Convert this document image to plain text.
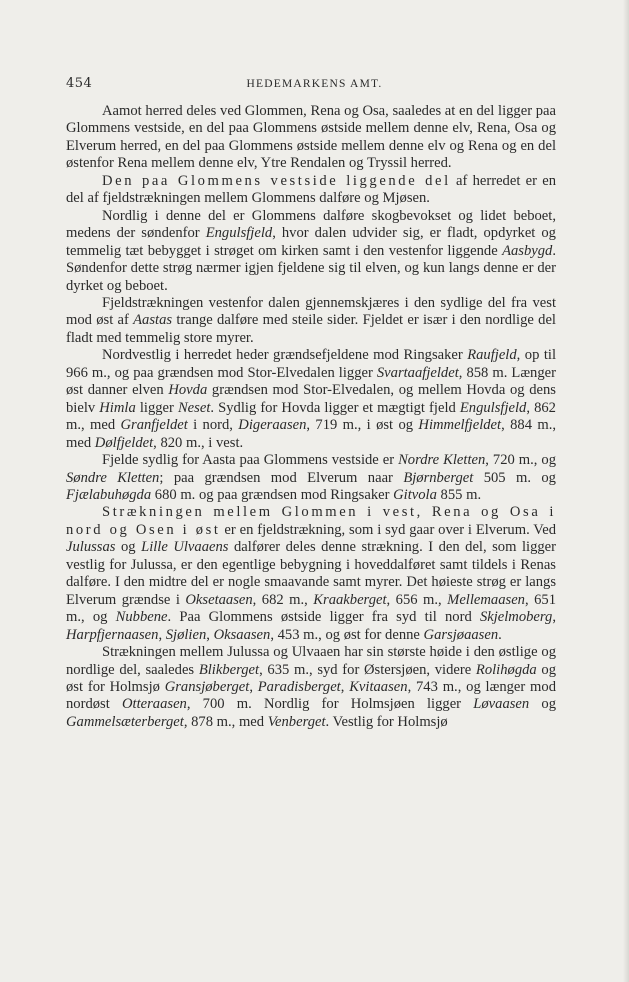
454	HEDEMARKENS AMT.

Aamot herred deles ved Glommen, Rena og Osa, saaledes at en del ligger paa Glommens vestside, en del paa Glommens østside mellem denne elv, Rena, Osa og Elverum herred, en del paa Glommens østside mellem denne elv og Rena og en del østenfor Rena mellem denne elv, Ytre Rendalen og Tryssil herred.

Den paa Glommens vestside liggende del af herredet er en del af fjeldstrækningen mellem Glommens dalføre og Mjøsen.

Nordlig i denne del er Glommens dalføre skogbevokset og lidet beboet, medens der søndenfor Engulsfjeld, hvor dalen udvider sig, er fladt, opdyrket og temmelig tæt bebygget i strøget om kirken samt i den vestenfor liggende Aasbygd. Søndenfor dette strøg nærmer igjen fjeldene sig til elven, og kun langs denne er der dyrket og beboet.

Fjeldstrækningen vestenfor dalen gjennemskjæres i den sydlige del fra vest mod øst af Aastas trange dalføre med steile sider. Fjeldet er især i den nordlige del fladt med temmelig store myrer.

Nordvestlig i herredet heder grændsefjeldene mod Ringsaker Raufjeld, op til 966 m., og paa grændsen mod Stor-Elvedalen ligger Svartaafjeldet, 858 m. Længer øst danner elven Hovda grændsen mod Stor-Elvedalen, og mellem Hovda og dens bielv Himla ligger Neset. Sydlig for Hovda ligger et mægtigt fjeld Engulsfjeld, 862 m., med Granfjeldet i nord, Digeraasen, 719 m., i øst og Himmelfjeldet, 884 m., med Dølfjeldet, 820 m., i vest.

Fjelde sydlig for Aasta paa Glommens vestside er Nordre Kletten, 720 m., og Søndre Kletten; paa grændsen mod Elverum naar Bjørnberget 505 m. og Fjælabuhøgda 680 m. og paa grændsen mod Ringsaker Gitvola 855 m.

Strækningen mellem Glommen i vest, Rena og Osa i nord og Osen i øst er en fjeldstrækning, som i syd gaar over i Elverum. Ved Julussas og Lille Ulvaaens dalfører deles denne strækning. I den del, som ligger vestlig for Julussa, er den egentlige bebygning i hoveddalføret samt tildels i Renas dalføre. I den midtre del er nogle smaavande samt myrer. Det høieste strøg er langs Elverum grændse i Oksetaasen, 682 m., Kraakberget, 656 m., Mellemaasen, 651 m., og Nubbene. Paa Glommens østside ligger fra syd til nord Skjelmoberg, Harpfjernaasen, Sjølien, Oksaasen, 453 m., og øst for denne Garsjøaasen.

Strækningen mellem Julussa og Ulvaaen har sin største høide i den østlige og nordlige del, saaledes Blikberget, 635 m., syd for Østersjøen, videre Rolihøgda og øst for Holmsjø Gransjøberget, Paradisberget, Kvitaasen, 743 m., og længer mod nordøst Otteraasen, 700 m. Nordlig for Holmsjøen ligger Løvaasen og Gammelsæterberget, 878 m., med Venberget. Vestlig for Holmsjø
